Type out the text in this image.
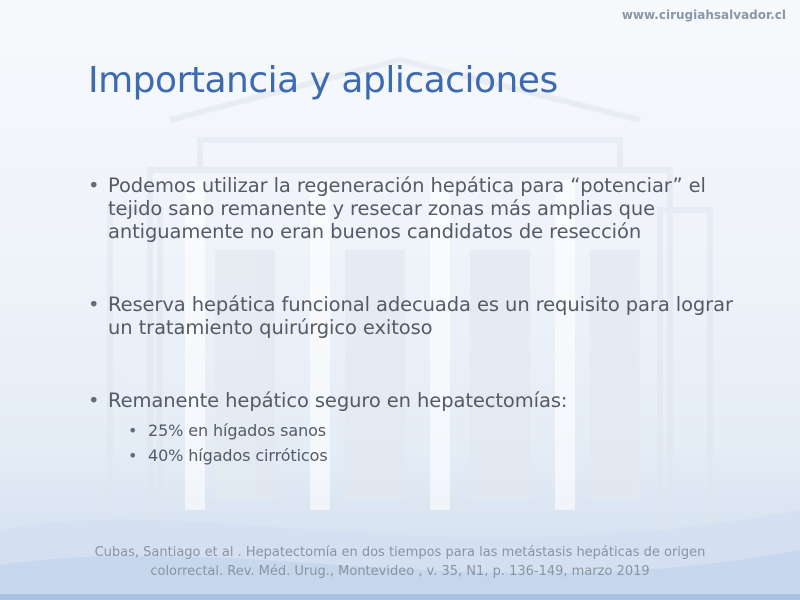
www.cirugiahsalvador.cl
Importancia y aplicaciones
• Podemos utilizar la regeneración hepática para “potenciar” el tejido sano remanente y resecar zonas más amplias que antiguamente no eran buenos candidatos de resección
• Reserva hepática funcional adecuada es un requisito para lograr un tratamiento quirúrgico exitoso
• Remanente hepático seguro en hepatectomías:
• 25% en hígados sanos
• 40% hígados cirróticos
Cubas, Santiago et al . Hepatectomía en dos tiempos para las metástasis hepáticas de origen
colorrectal. Rev. Méd. Urug., Montevideo , v. 35, N1, p. 136-149, marzo 2019
